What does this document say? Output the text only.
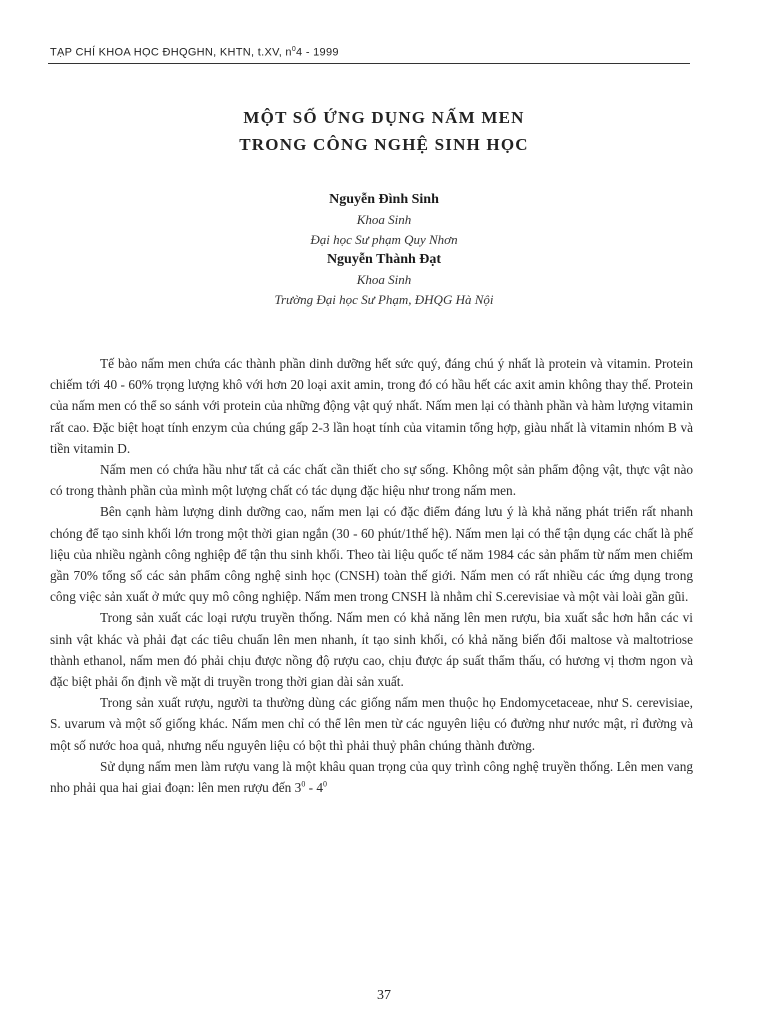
TẠP CHÍ KHOA HỌC ĐHQGHN, KHTN, t.XV, $n^04 - 1999$
MỘT SỐ ỨNG DỤNG NẤM MEN
TRONG CÔNG NGHỆ SINH HỌC
Nguyễn Đình Sinh
Khoa Sinh
Đại học Sư phạm Quy Nhơn
Nguyễn Thành Đạt
Khoa Sinh
Trường Đại học Sư Phạm, ĐHQG Hà Nội

Tế bào nấm men chứa các thành phần dinh dưỡng hết sức quý, đáng chú ý nhất là protein và vitamin. Protein chiếm tới 40 - 60% trọng lượng khô với hơn 20 loại axit amin, trong đó có hầu hết các axit amin không thay thế. Protein của nấm men có thể so sánh với protein của những động vật quý nhất. Nấm men lại có thành phần và hàm lượng vitamin rất cao. Đặc biệt hoạt tính enzym của chúng gấp 2-3 lần hoạt tính của vitamin tổng hợp, giàu nhất là vitamin nhóm B và tiền vitamin D.

Nấm men có chứa hầu như tất cả các chất cần thiết cho sự sống. Không một sản phẩm động vật, thực vật nào có trong thành phần của mình một lượng chất có tác dụng đặc hiệu như trong nấm men.

Bên cạnh hàm lượng dinh dưỡng cao, nấm men lại có đặc điểm đáng lưu ý là khả năng phát triển rất nhanh chóng để tạo sinh khối lớn trong một thời gian ngắn (30 - 60 phút/1thế hệ). Nấm men lại có thể tận dụng các chất là phế liệu của nhiều ngành công nghiệp để tận thu sinh khối. Theo tài liệu quốc tế năm 1984 các sản phẩm từ nấm men chiếm gần 70% tổng số các sản phẩm công nghệ sinh học (CNSH) toàn thế giới. Nấm men có rất nhiều các ứng dụng trong công việc sản xuất ở mức quy mô công nghiệp. Nấm men trong CNSH là nhằm chỉ S.cerevisiae và một vài loài gần gũi.

Trong sản xuất các loại rượu truyền thống. Nấm men có khả năng lên men rượu, bia xuất sắc hơn hẳn các vi sinh vật khác và phải đạt các tiêu chuẩn lên men nhanh, ít tạo sinh khối, có khả năng biến đổi maltose và maltotriose thành ethanol, nấm men đó phải chịu được nồng độ rượu cao, chịu được áp suất thẩm thấu, có hương vị thơm ngon và đặc biệt phải ổn định về mặt di truyền trong thời gian dài sản xuất.

Trong sản xuất rượu, người ta thường dùng các giống nấm men thuộc họ Endomycetaceae, như S. cerevisiae, S. uvarum và một số giống khác. Nấm men chỉ có thể lên men từ các nguyên liệu có đường như nước mật, rỉ đường và một số nước hoa quả, nhưng nếu nguyên liệu có bột thì phải thuỷ phân chúng thành đường.

Sử dụng nấm men làm rượu vang là một khâu quan trọng của quy trình công nghệ truyền thống. Lên men vang nho phải qua hai giai đoạn: lên men rượu đến $3^0 - 4^0$

37
